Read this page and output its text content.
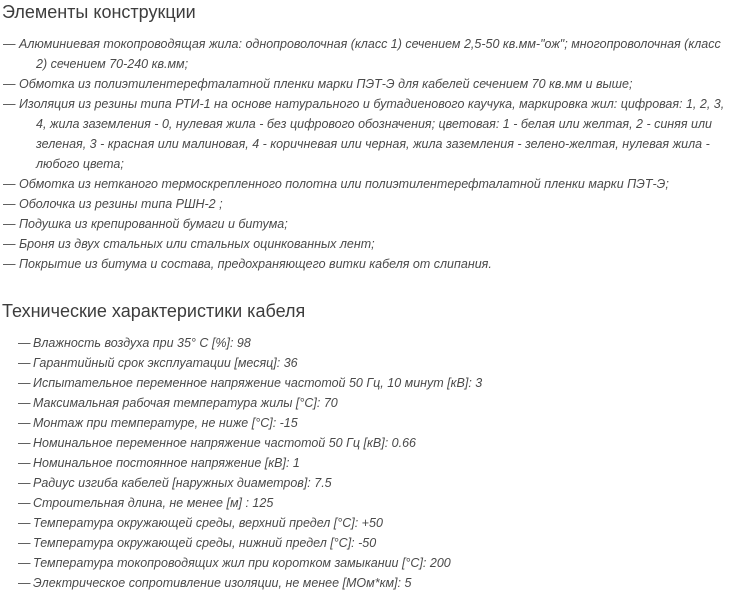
Элементы конструкции
— Алюминиевая токопроводящая жила: однопроволочная (класс 1) сечением 2,5-50 кв.мм-"ож"; многопроволочная (класс 2) сечением 70-240 кв.мм;
— Обмотка из полиэтилентерефталатной пленки марки ПЭТ-Э для кабелей сечением 70 кв.мм и выше;
— Изоляция из резины типа РТИ-1 на основе натурального и бутадиенового каучука, маркировка жил: цифровая: 1, 2, 3, 4, жила заземления - 0, нулевая жила - без цифрового обозначения; цветовая: 1 - белая или желтая, 2 - синяя или зеленая, 3 - красная или малиновая, 4 - коричневая или черная, жила заземления - зелено-желтая, нулевая жила - любого цвета;
— Обмотка из нетканого термоскрепленного полотна или полиэтилентерефталатной пленки марки ПЭТ-Э;
— Оболочка из резины типа РШН-2 ;
— Подушка из крепированной бумаги и битума;
— Броня из двух стальных или стальных оцинкованных лент;
— Покрытие из битума и состава, предохраняющего витки кабеля от слипания.
Технические характеристики кабеля
— Влажность воздуха при 35° C [%]: 98
— Гарантийный срок эксплуатации [месяц]: 36
— Испытательное переменное напряжение частотой 50 Гц, 10 минут [кВ]: 3
— Максимальная рабочая температура жилы [°С]: 70
— Монтаж при температуре, не ниже [°С]: -15
— Номинальное переменное напряжение частотой 50 Гц [кВ]: 0.66
— Номинальное постоянное напряжение [кВ]: 1
— Радиус изгиба кабелей [наружных диаметров]: 7.5
— Строительная длина, не менее [м] : 125
— Температура окружающей среды, верхний предел [°С]: +50
— Температура окружающей среды, нижний предел [°С]: -50
— Температура токопроводящих жил при коротком замыкании [°С]: 200
— Электрическое сопротивление изоляции, не менее [МОм*км]: 5
